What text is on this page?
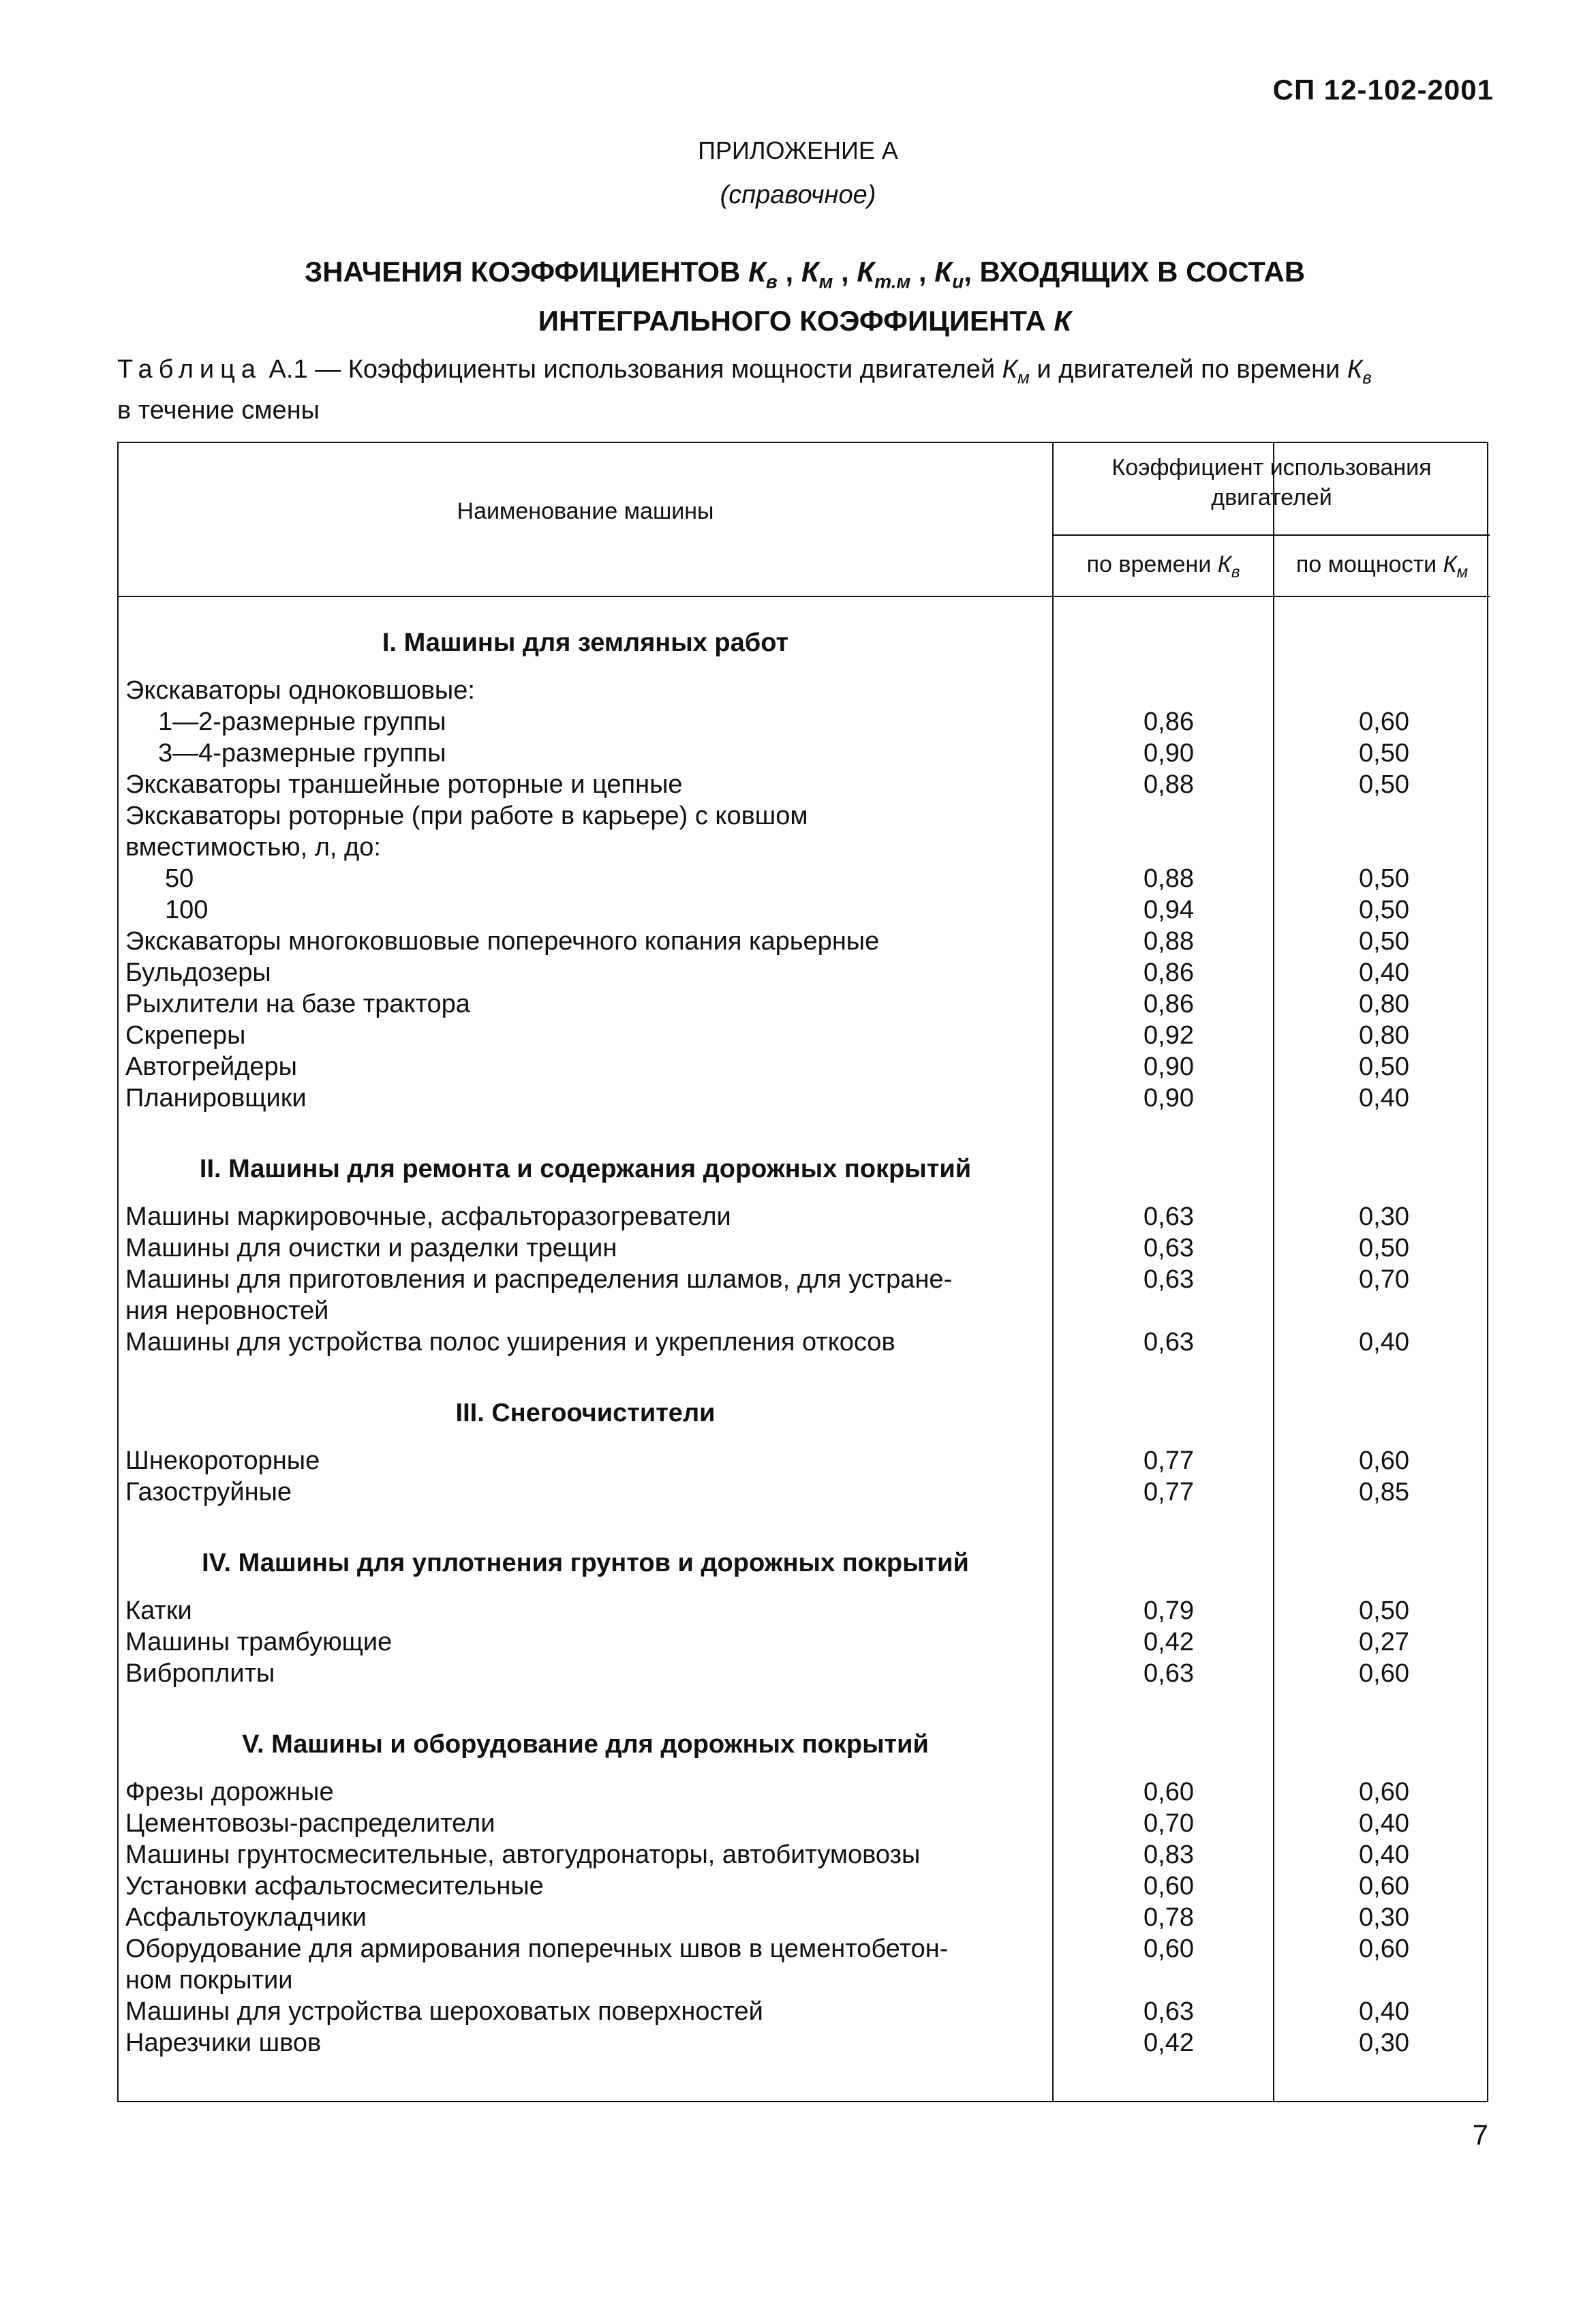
СП 12-102-2001
ПРИЛОЖЕНИЕ А
(справочное)
ЗНАЧЕНИЯ КОЭФФИЦИЕНТОВ $К_в$ , $К_м$ , $К_{т.м}$ , $К_и$, ВХОДЯЩИХ В СОСТАВ
ИНТЕГРАЛЬНОГО КОЭФФИЦИЕНТА К
Таблица А.1 — Коэффициенты использования мощности двигателей $К_м$ и двигателей по времени $К_в$
в течение смены
Наименование машины
Коэффициент использования
двигателей
по времени $К_в$	по мощности $К_м$
I. Машины для земляных работ
Экскаваторы одноковшовые:
1—2-размерные группы	0,86	0,60
3—4-размерные группы	0,90	0,50
Экскаваторы траншейные роторные и цепные	0,88	0,50
Экскаваторы роторные (при работе в карьере) с ковшом
вместимостью, л, до:
50	0,88	0,50
100	0,94	0,50
Экскаваторы многоковшовые поперечного копания карьерные	0,88	0,50
Бульдозеры	0,86	0,40
Рыхлители на базе трактора	0,86	0,80
Скреперы	0,92	0,80
Автогрейдеры	0,90	0,50
Планировщики	0,90	0,40
II. Машины для ремонта и содержания дорожных покрытий
Машины маркировочные, асфальторазогреватели	0,63	0,30
Машины для очистки и разделки трещин	0,63	0,50
Машины для приготовления и распределения шламов, для устране-	0,63	0,70
ния неровностей
Машины для устройства полос уширения и укрепления откосов	0,63	0,40
III. Снегоочистители
Шнекороторные	0,77	0,60
Газоструйные	0,77	0,85
IV. Машины для уплотнения грунтов и дорожных покрытий
Катки	0,79	0,50
Машины трамбующие	0,42	0,27
Виброплиты	0,63	0,60
V. Машины и оборудование для дорожных покрытий
Фрезы дорожные	0,60	0,60
Цементовозы-распределители	0,70	0,40
Машины грунтосмесительные, автогудронаторы, автобитумовозы	0,83	0,40
Установки асфальтосмесительные	0,60	0,60
Асфальтоукладчики	0,78	0,30
Оборудование для армирования поперечных швов в цементобетон-	0,60	0,60
ном покрытии
Машины для устройства шероховатых поверхностей	0,63	0,40
Нарезчики швов	0,42	0,30
7
